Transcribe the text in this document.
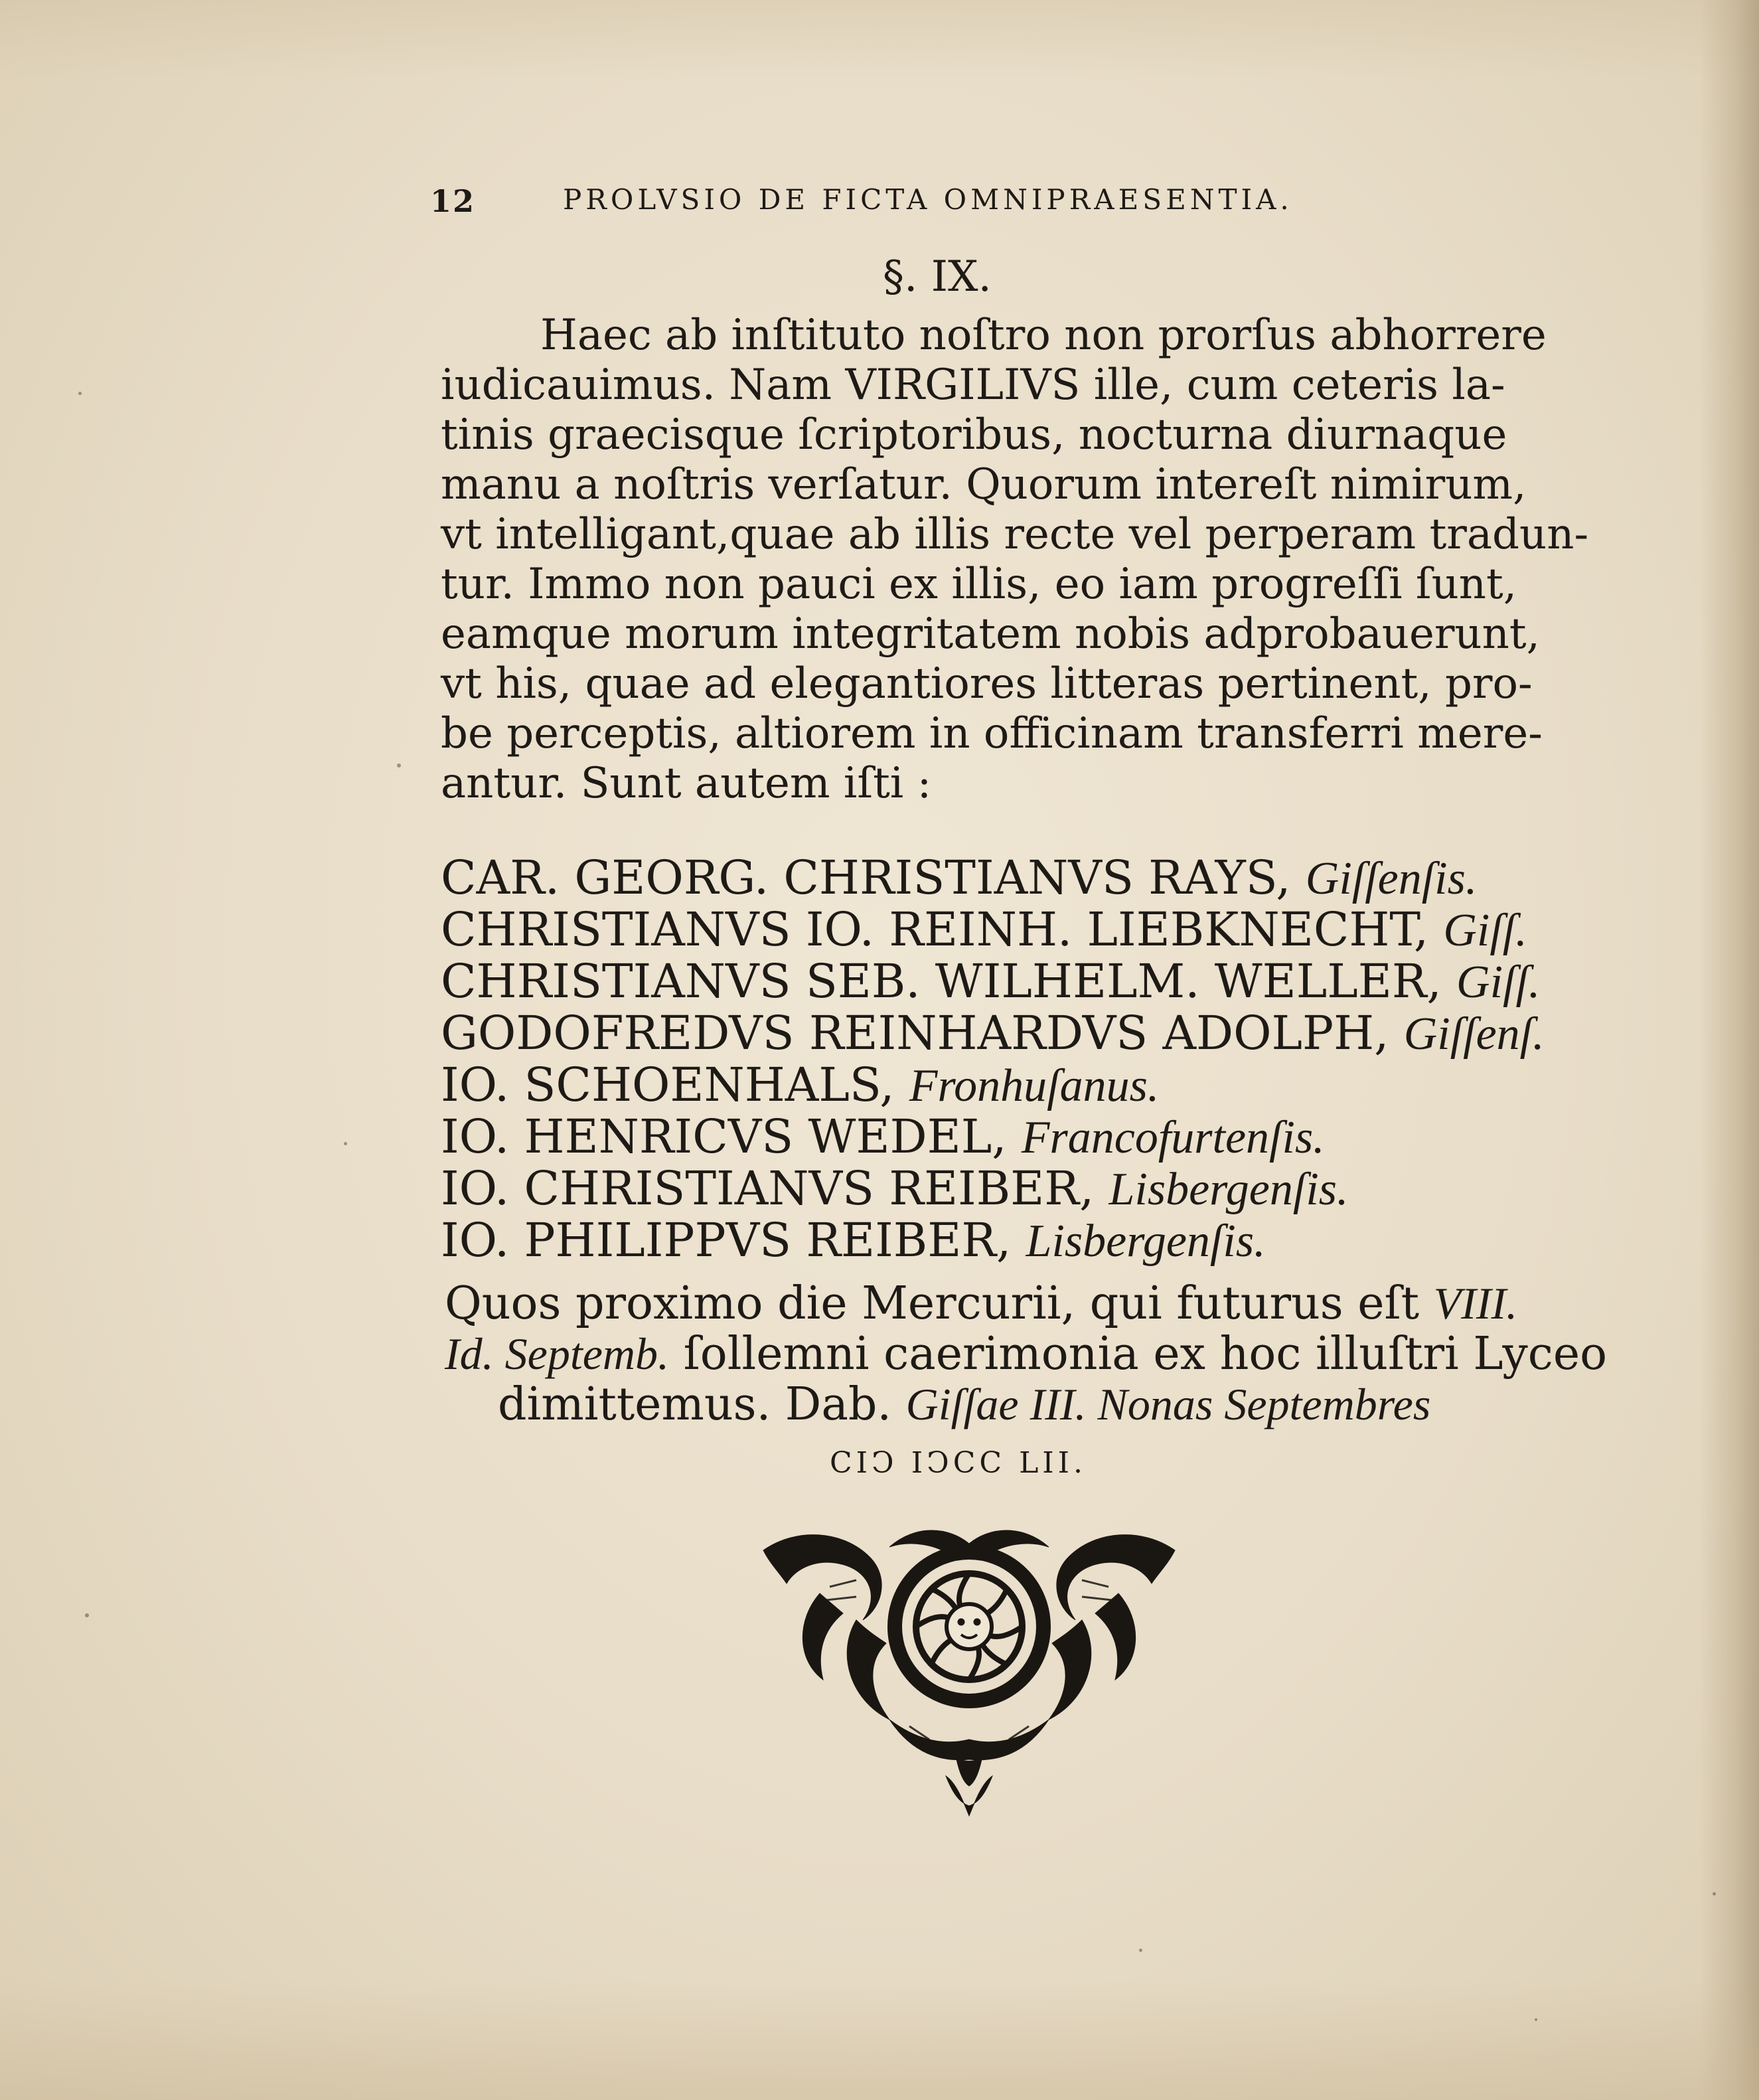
12	PROLVSIO DE FICTA OMNIPRAESENTIA.
§. IX.
Haec ab inſtituto noſtro non prorſus abhorrere
iudicauimus. Nam VIRGILIVS ille, cum ceteris la-
tinis graecisque ſcriptoribus, nocturna diurnaque
manu a noſtris verſatur. Quorum intereſt nimirum,
vt intelligant,quae ab illis recte vel perperam tradun-
tur. Immo non pauci ex illis, eo iam progreſſi ſunt,
eamque morum integritatem nobis adprobauerunt,
vt his, quae ad elegantiores litteras pertinent, pro-
be perceptis, altiorem in officinam transferri mere-
antur. Sunt autem iſti :
CAR. GEORG. CHRISTIANVS RAYS, Giſſenſis.
CHRISTIANVS IO. REINH. LIEBKNECHT, Giſſ.
CHRISTIANVS SEB. WILHELM. WELLER, Giſſ.
GODOFREDVS REINHARDVS ADOLPH, Giſſenſ.
IO. SCHOENHALS, Fronhuſanus.
IO. HENRICVS WEDEL, Francofurtenſis.
IO. CHRISTIANVS REIBER, Lisbergenſis.
IO. PHILIPPVS REIBER, Lisbergenſis.
Quos proximo die Mercurii, qui futurus eſt VIII.
Id. Septemb. ſollemni caerimonia ex hoc illuſtri Lyceo
dimittemus. Dab. Giſſae III. Nonas Septembres
CIↃ IↃCC LII.
